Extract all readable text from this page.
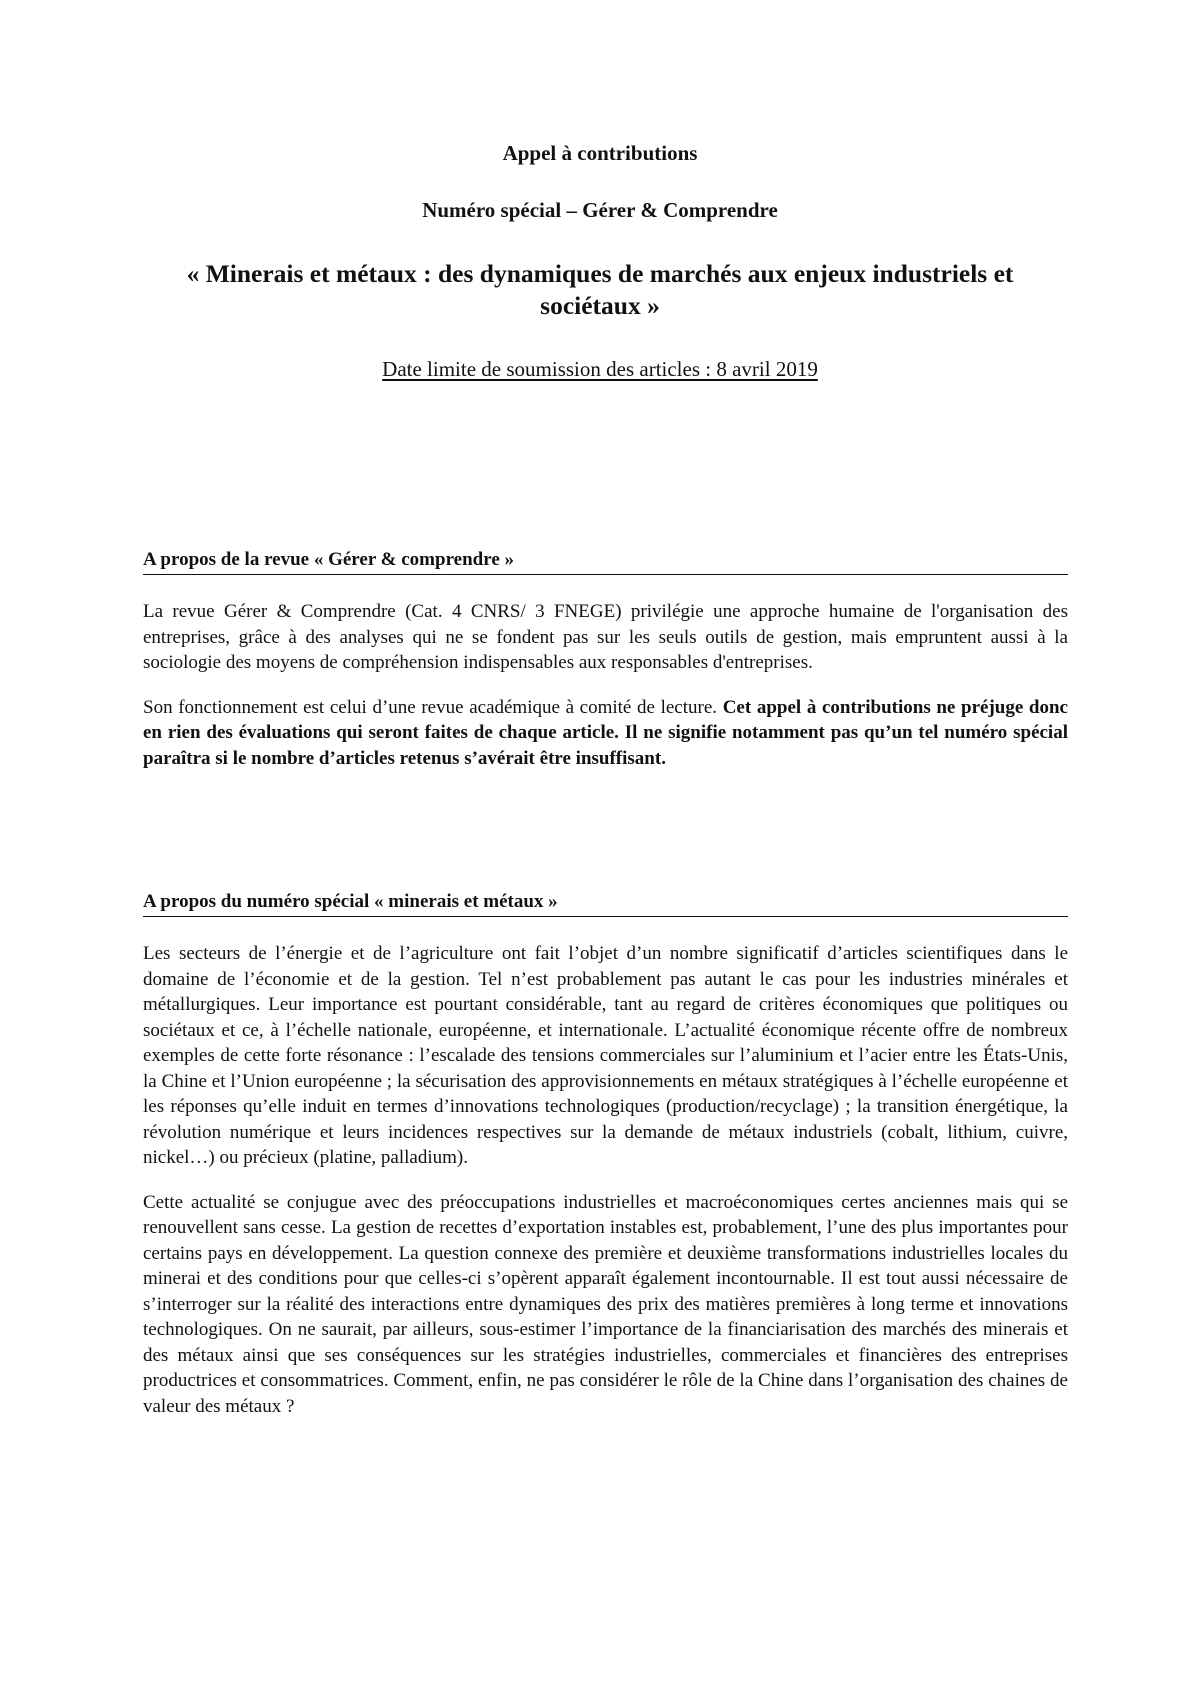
Appel à contributions
Numéro spécial – Gérer & Comprendre
« Minerais et métaux : des dynamiques de marchés aux enjeux industriels et sociétaux »
Date limite de soumission des articles : 8 avril 2019
A propos de la revue « Gérer & comprendre »

La revue Gérer & Comprendre (Cat. 4 CNRS/ 3 FNEGE) privilégie une approche humaine de l'organisation des entreprises, grâce à des analyses qui ne se fondent pas sur les seuls outils de gestion, mais empruntent aussi à la sociologie des moyens de compréhension indispensables aux responsables d'entreprises.

Son fonctionnement est celui d’une revue académique à comité de lecture. Cet appel à contributions ne préjuge donc en rien des évaluations qui seront faites de chaque article. Il ne signifie notamment pas qu’un tel numéro spécial paraîtra si le nombre d’articles retenus s’avérait être insuffisant.

A propos du numéro spécial « minerais et métaux »

Les secteurs de l’énergie et de l’agriculture ont fait l’objet d’un nombre significatif d’articles scientifiques dans le domaine de l’économie et de la gestion. Tel n’est probablement pas autant le cas pour les industries minérales et métallurgiques. Leur importance est pourtant considérable, tant au regard de critères économiques que politiques ou sociétaux et ce, à l’échelle nationale, européenne, et internationale. L’actualité économique récente offre de nombreux exemples de cette forte résonance : l’escalade des tensions commerciales sur l’aluminium et l’acier entre les États-Unis, la Chine et l’Union européenne ; la sécurisation des approvisionnements en métaux stratégiques à l’échelle européenne et les réponses qu’elle induit en termes d’innovations technologiques (production/recyclage) ; la transition énergétique, la révolution numérique et leurs incidences respectives sur la demande de métaux industriels (cobalt, lithium, cuivre, nickel…) ou précieux (platine, palladium).

Cette actualité se conjugue avec des préoccupations industrielles et macroéconomiques certes anciennes mais qui se renouvellent sans cesse. La gestion de recettes d’exportation instables est, probablement, l’une des plus importantes pour certains pays en développement. La question connexe des première et deuxième transformations industrielles locales du minerai et des conditions pour que celles-ci s’opèrent apparaît également incontournable. Il est tout aussi nécessaire de s’interroger sur la réalité des interactions entre dynamiques des prix des matières premières à long terme et innovations technologiques. On ne saurait, par ailleurs, sous-estimer l’importance de la financiarisation des marchés des minerais et des métaux ainsi que ses conséquences sur les stratégies industrielles, commerciales et financières des entreprises productrices et consommatrices. Comment, enfin, ne pas considérer le rôle de la Chine dans l’organisation des chaines de valeur des métaux ?
